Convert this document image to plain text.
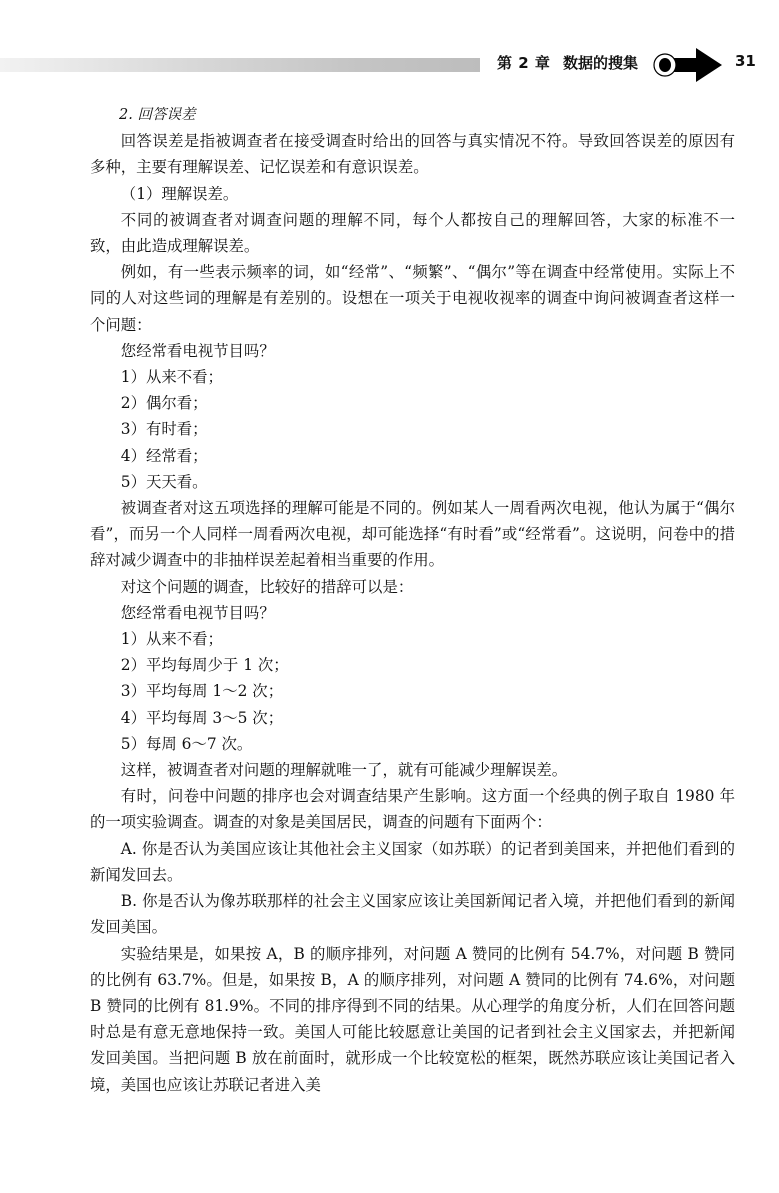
第 2 章 数据的搜集	31

2. 回答误差

回答误差是指被调查者在接受调查时给出的回答与真实情况不符。导致回答误差的原因有多种，主要有理解误差、记忆误差和有意识误差。

（1）理解误差。

不同的被调查者对调查问题的理解不同，每个人都按自己的理解回答，大家的标准不一致，由此造成理解误差。

例如，有一些表示频率的词，如“经常”、“频繁”、“偶尔”等在调查中经常使用。实际上不同的人对这些词的理解是有差别的。设想在一项关于电视收视率的调查中询问被调查者这样一个问题：

您经常看电视节目吗？

1）从来不看；

2）偶尔看；

3）有时看；

4）经常看；

5）天天看。

被调查者对这五项选择的理解可能是不同的。例如某人一周看两次电视，他认为属于“偶尔看”，而另一个人同样一周看两次电视，却可能选择“有时看”或“经常看”。这说明，问卷中的措辞对减少调查中的非抽样误差起着相当重要的作用。

对这个问题的调查，比较好的措辞可以是：

您经常看电视节目吗？

1）从来不看；

2）平均每周少于 1 次；

3）平均每周 1～2 次；

4）平均每周 3～5 次；

5）每周 6～7 次。

这样，被调查者对问题的理解就唯一了，就有可能减少理解误差。

有时，问卷中问题的排序也会对调查结果产生影响。这方面一个经典的例子取自 1980 年的一项实验调查。调查的对象是美国居民，调查的问题有下面两个：

A. 你是否认为美国应该让其他社会主义国家（如苏联）的记者到美国来，并把他们看到的新闻发回去。

B. 你是否认为像苏联那样的社会主义国家应该让美国新闻记者入境，并把他们看到的新闻发回美国。

实验结果是，如果按 A，B 的顺序排列，对问题 A 赞同的比例有 54.7%，对问题 B 赞同的比例有 63.7%。但是，如果按 B，A 的顺序排列，对问题 A 赞同的比例有 74.6%，对问题 B 赞同的比例有 81.9%。不同的排序得到不同的结果。从心理学的角度分析，人们在回答问题时总是有意无意地保持一致。美国人可能比较愿意让美国的记者到社会主义国家去，并把新闻发回美国。当把问题 B 放在前面时，就形成一个比较宽松的框架，既然苏联应该让美国记者入境，美国也应该让苏联记者进入美
